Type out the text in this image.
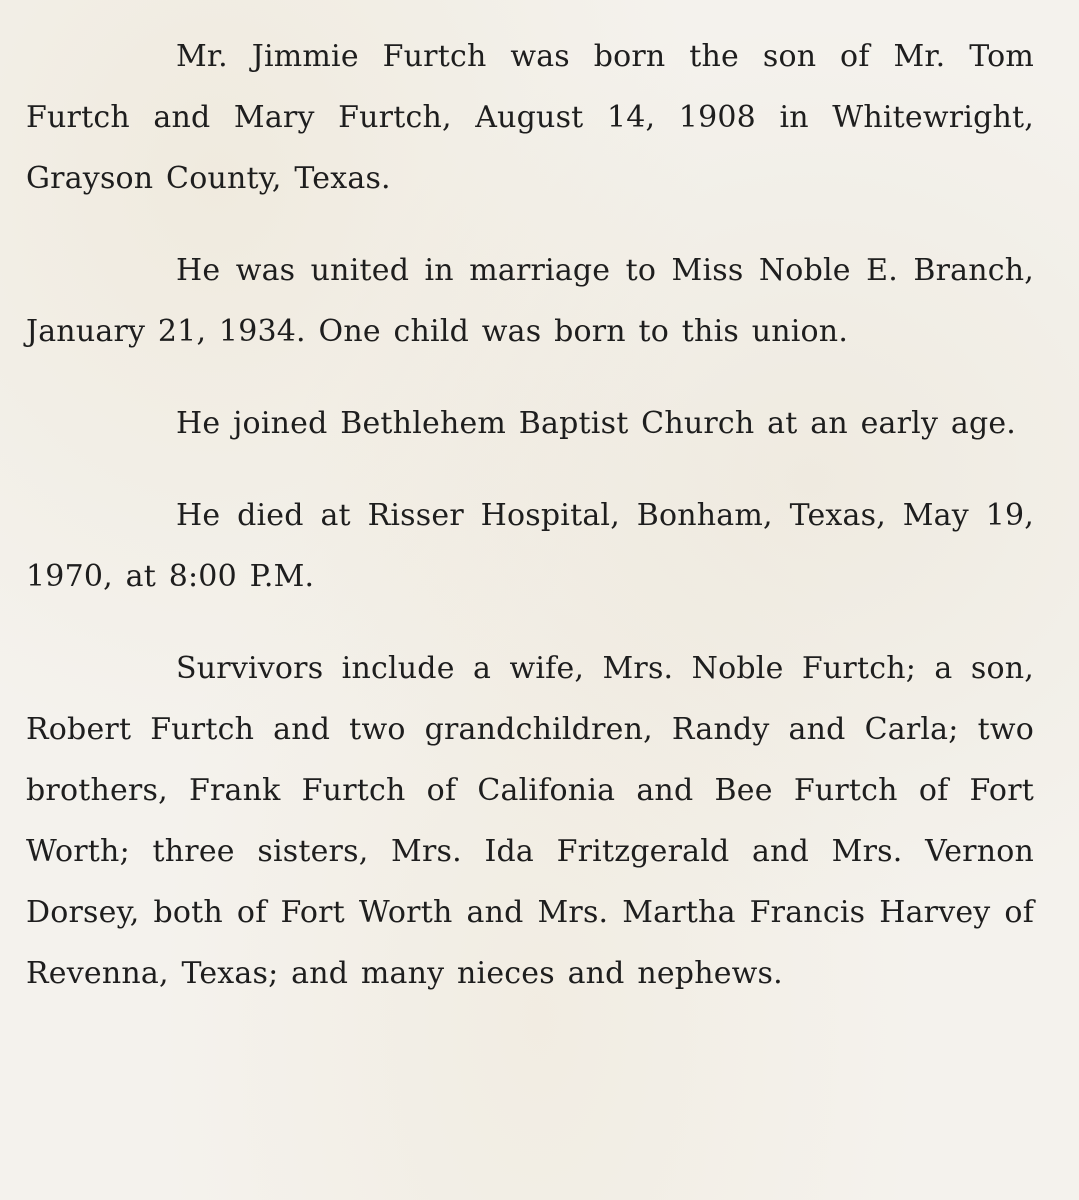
Mr. Jimmie Furtch was born the son of Mr. Tom Furtch and Mary Furtch, August 14, 1908 in Whitewright, Grayson County, Texas.

He was united in marriage to Miss Noble E. Branch, January 21, 1934. One child was born to this union.

He joined Bethlehem Baptist Church at an early age.

He died at Risser Hospital, Bonham, Texas, May 19, 1970, at 8:00 P.M.

Survivors include a wife, Mrs. Noble Furtch; a son, Robert Furtch and two grandchildren, Randy and Carla; two brothers, Frank Furtch of Califonia and Bee Furtch of Fort Worth; three sisters, Mrs. Ida Fritzgerald and Mrs. Vernon Dorsey, both of Fort Worth and Mrs. Martha Francis Harvey of Revenna, Texas; and many nieces and nephews.
